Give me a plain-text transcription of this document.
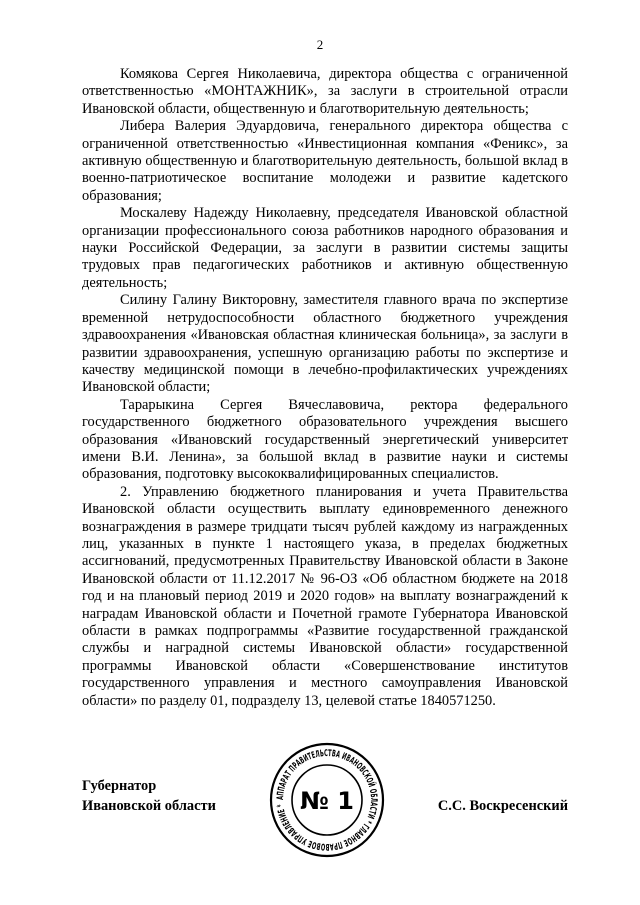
2

Комякова Сергея Николаевича, директора общества с ограниченной ответственностью «МОНТАЖНИК», за заслуги в строительной отрасли Ивановской области, общественную и благотворительную деятельность;

Либера Валерия Эдуардовича, генерального директора общества с ограниченной ответственностью «Инвестиционная компания «Феникс», за активную общественную и благотворительную деятельность, большой вклад в военно-патриотическое воспитание молодежи и развитие кадетского образования;

Москалеву Надежду Николаевну, председателя Ивановской областной организации профессионального союза работников народного образования и науки Российской Федерации, за заслуги в развитии системы защиты трудовых прав педагогических работников и активную общественную деятельность;

Силину Галину Викторовну, заместителя главного врача по экспертизе временной нетрудоспособности областного бюджетного учреждения здравоохранения «Ивановская областная клиническая больница», за заслуги в развитии здравоохранения, успешную организацию работы по экспертизе и качеству медицинской помощи в лечебно-профилактических учреждениях Ивановской области;

Тарарыкина Сергея Вячеславовича, ректора федерального государственного бюджетного образовательного учреждения высшего образования «Ивановский государственный энергетический университет имени В.И. Ленина», за большой вклад в развитие науки и системы образования, подготовку высококвалифицированных специалистов.

2. Управлению бюджетного планирования и учета Правительства Ивановской области осуществить выплату единовременного денежного вознаграждения в размере тридцати тысяч рублей каждому из награжденных лиц, указанных в пункте 1 настоящего указа, в пределах бюджетных ассигнований, предусмотренных Правительству Ивановской области в Законе Ивановской области от 11.12.2017 № 96-ОЗ «Об областном бюджете на 2018 год и на плановый период 2019 и 2020 годов» на выплату вознаграждений к наградам Ивановской области и Почетной грамоте Губернатора Ивановской области в рамках подпрограммы «Развитие государственной гражданской службы и наградной системы Ивановской области» государственной программы Ивановской области «Совершенствование институтов государственного управления и местного самоуправления Ивановской области» по разделу 01, подразделу 13, целевой статье 1840571250.

Губернатор
Ивановской области	С.С. Воскресенский
АППАРАТ ПРАВИТЕЛЬСТВА ИВАНОВСКОЙ ОБЛАСТИ * ГЛАВНОЕ ПРАВОВОЕ УПРАВЛЕНИЕ * № 1
